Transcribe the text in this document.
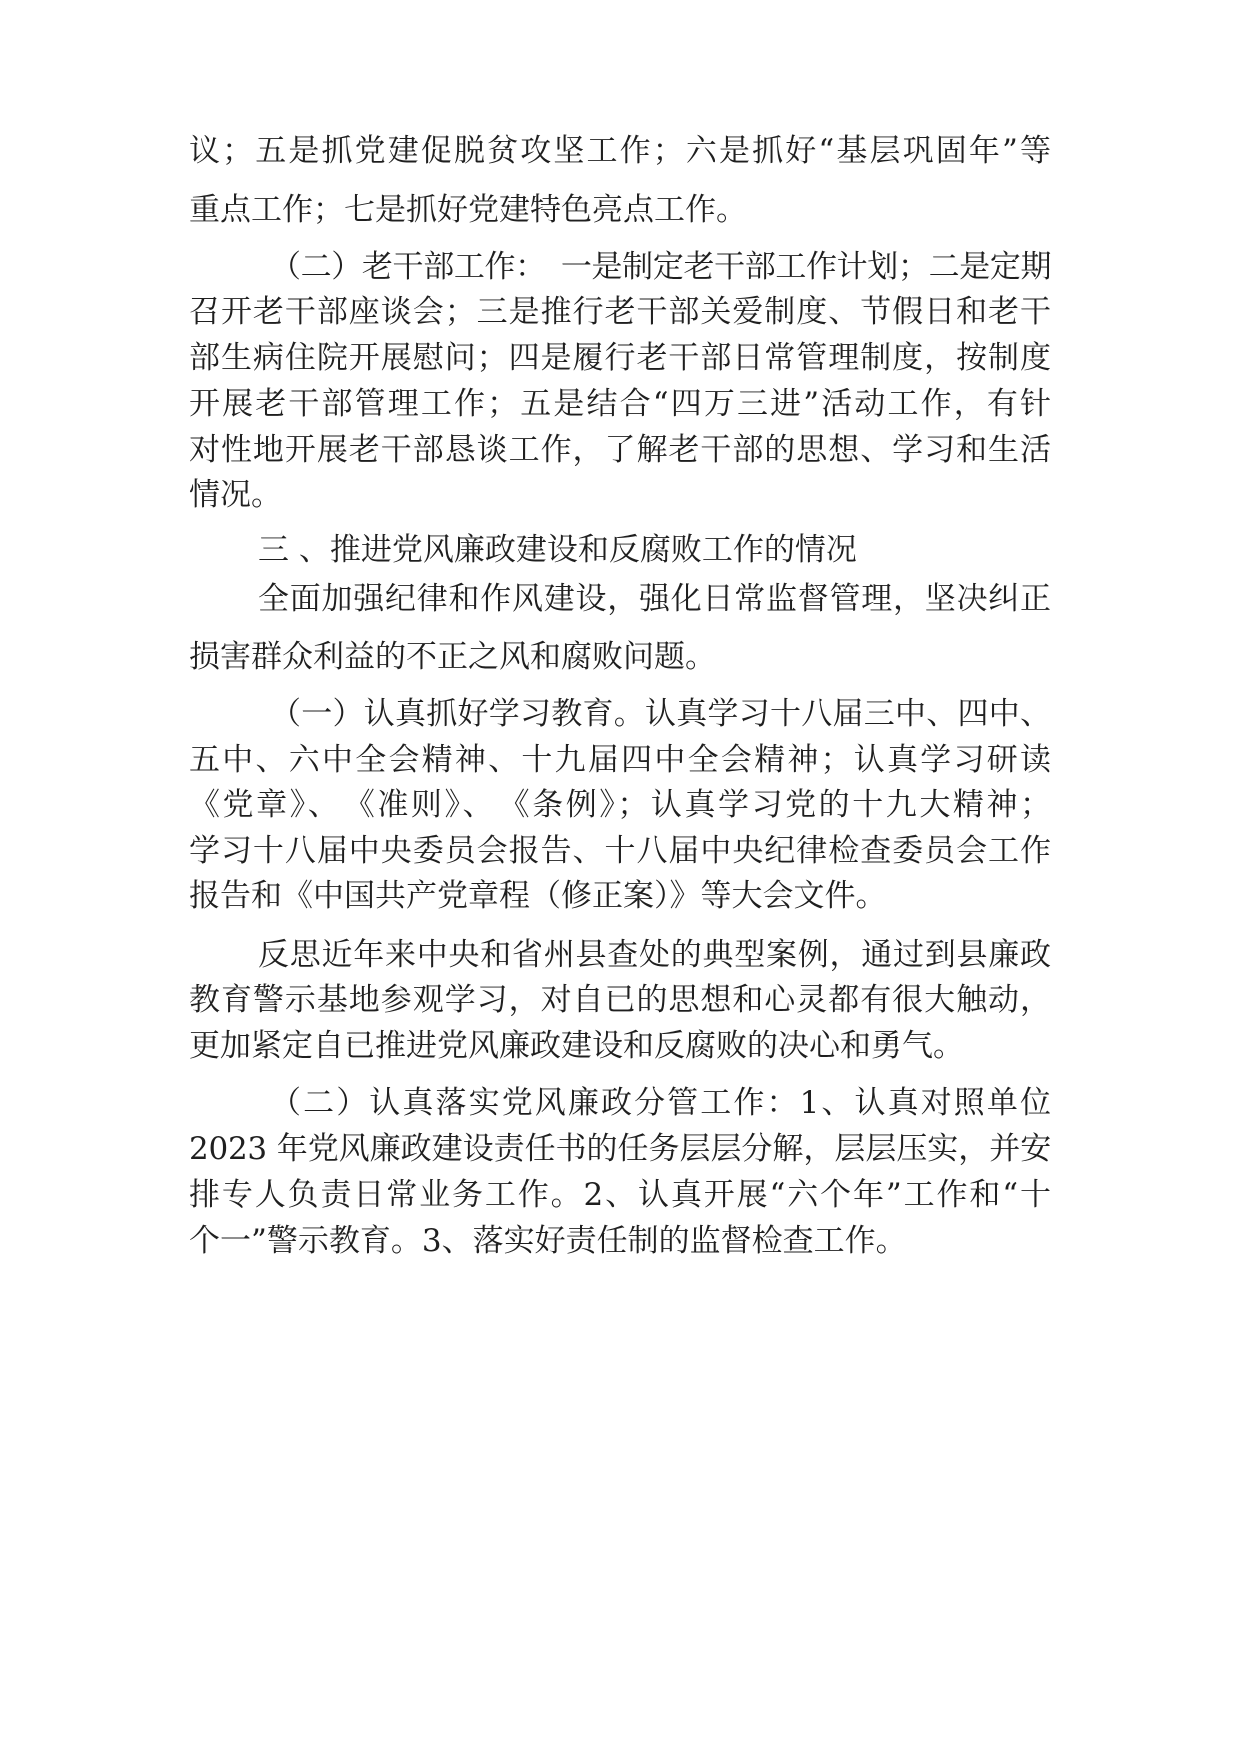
议；五是抓党建促脱贫攻坚工作；六是抓好“基层巩固年”等

重点工作；七是抓好党建特色亮点工作。

（二）老干部工作：　一是制定老干部工作计划；二是定期

召开老干部座谈会；三是推行老干部关爱制度、节假日和老干

部生病住院开展慰问；四是履行老干部日常管理制度，按制度

开展老干部管理工作；五是结合“四万三进”活动工作，有针

对性地开展老干部恳谈工作，了解老干部的思想、学习和生活

情况。

三 、推进党风廉政建设和反腐败工作的情况

全面加强纪律和作风建设，强化日常监督管理，坚决纠正

损害群众利益的不正之风和腐败问题。

（一）认真抓好学习教育。认真学习十八届三中、四中、

五中、六中全会精神、十九届四中全会精神；认真学习研读

《党章》、　《准则》、　《条例》；认真学习党的十九大精神；

学习十八届中央委员会报告、十八届中央纪律检查委员会工作

报告和《中国共产党章程（修正案）》等大会文件。

反思近年来中央和省州县查处的典型案例，通过到县廉政

教育警示基地参观学习，对自已的思想和心灵都有很大触动，

更加紧定自已推进党风廉政建设和反腐败的决心和勇气。

（二）认真落实党风廉政分管工作：1、认真对照单位

2023 年党风廉政建设责任书的任务层层分解，层层压实，并安

排专人负责日常业务工作。2、认真开展“六个年”工作和“十

个一”警示教育。3、落实好责任制的监督检查工作。
